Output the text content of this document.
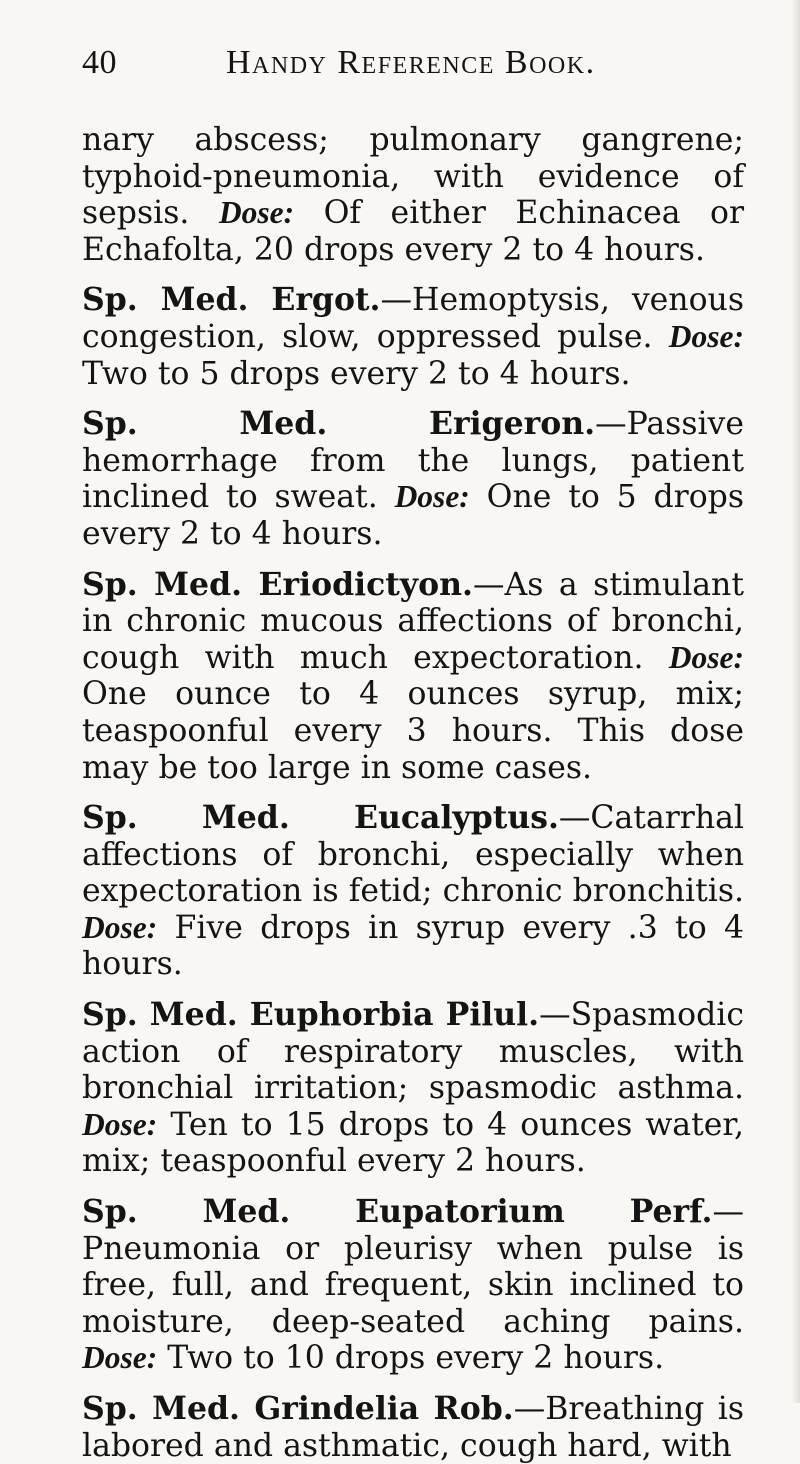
40	Handy Reference Book.

nary abscess; pulmonary gangrene; typhoid-pneumonia, with evidence of sepsis. Dose: Of either Echinacea or Echafolta, 20 drops every 2 to 4 hours.

Sp. Med. Ergot.—Hemoptysis, venous congestion, slow, oppressed pulse. Dose: Two to 5 drops every 2 to 4 hours.

Sp. Med. Erigeron.—Passive hemorrhage from the lungs, patient inclined to sweat. Dose: One to 5 drops every 2 to 4 hours.

Sp. Med. Eriodictyon.—As a stimulant in chronic mucous affections of bronchi, cough with much expectoration. Dose: One ounce to 4 ounces syrup, mix; teaspoonful every 3 hours. This dose may be too large in some cases.

Sp. Med. Eucalyptus.—Catarrhal affections of bronchi, especially when expectoration is fetid; chronic bronchitis. Dose: Five drops in syrup every .3 to 4 hours.

Sp. Med. Euphorbia Pilul.—Spasmodic action of respiratory muscles, with bronchial irritation; spasmodic asthma. Dose: Ten to 15 drops to 4 ounces water, mix; teaspoonful every 2 hours.

Sp. Med. Eupatorium Perf.—Pneumonia or pleurisy when pulse is free, full, and frequent, skin inclined to moisture, deep-seated aching pains. Dose: Two to 10 drops every 2 hours.

Sp. Med. Grindelia Rob.—Breathing is labored and asthmatic, cough hard, with
